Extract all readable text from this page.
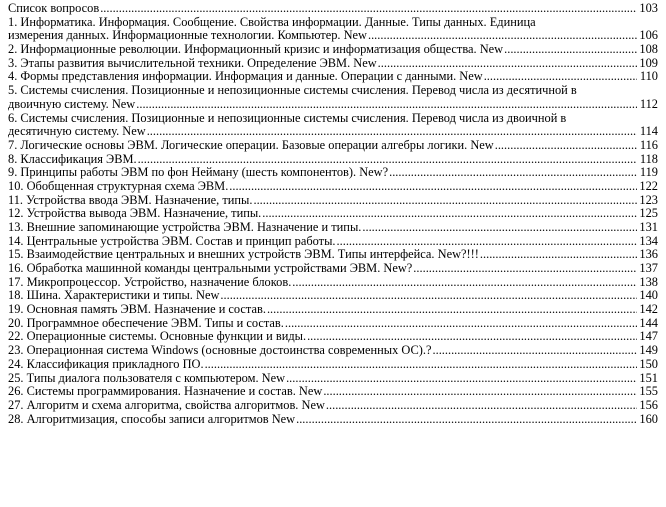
Список вопросов .....	103
1. Информатика. Информация. Сообщение. Свойства информации. Данные. Типы данных. Единица
измерения данных. Информационные технологии. Компьютер. New .....	106
2. Информационные революции. Информационный кризис и информатизация общества. New .....	108
3. Этапы развития вычислительной техники. Определение ЭВМ. New .....	109
4. Формы представления информации. Информация и данные. Операции с данными. New .....	110
5. Системы счисления. Позиционные и непозиционные системы счисления. Перевод числа из десятичной в
двоичную систему. New .....	112
6. Системы счисления. Позиционные и непозиционные системы счисления. Перевод числа из двоичной в
десятичную систему. New .....	114
7. Логические основы ЭВМ. Логические операции. Базовые операции алгебры логики. New .....	116
8. Классификация ЭВМ. .....	118
9. Принципы работы ЭВМ по фон Нейману (шесть компонентов). New? .....	119
10. Обобщенная структурная схема ЭВМ. .....	122
11. Устройства ввода ЭВМ. Назначение, типы. .....	123
12. Устройства вывода ЭВМ. Назначение, типы. .....	125
13. Внешние запоминающие устройства ЭВМ. Назначение и типы. .....	131
14. Центральные устройства ЭВМ. Состав и принцип работы. .....	134
15. Взаимодействие центральных и внешних устройств ЭВМ. Типы интерфейса. New?!!! .....	136
16. Обработка машинной команды центральными устройствами ЭВМ. New? .....	137
17. Микропроцессор. Устройство, назначение блоков. .....	138
18. Шина. Характеристики и типы. New .....	140
19. Основная память ЭВМ. Назначение и состав. .....	142
20. Программное обеспечение ЭВМ. Типы и состав. .....	144
22. Операционные системы. Основные функции и виды. .....	147
23. Операционная система Windows (основные достоинства современных ОС).? .....	149
24. Классификация прикладного ПО. .....	150
25. Типы диалога пользователя с компьютером. New .....	151
26. Системы программирования. Назначение и состав. New .....	155
27. Алгоритм и схема алгоритма, свойства алгоритмов. New .....	156
28. Алгоритмизация, способы записи алгоритмов New .....	160
